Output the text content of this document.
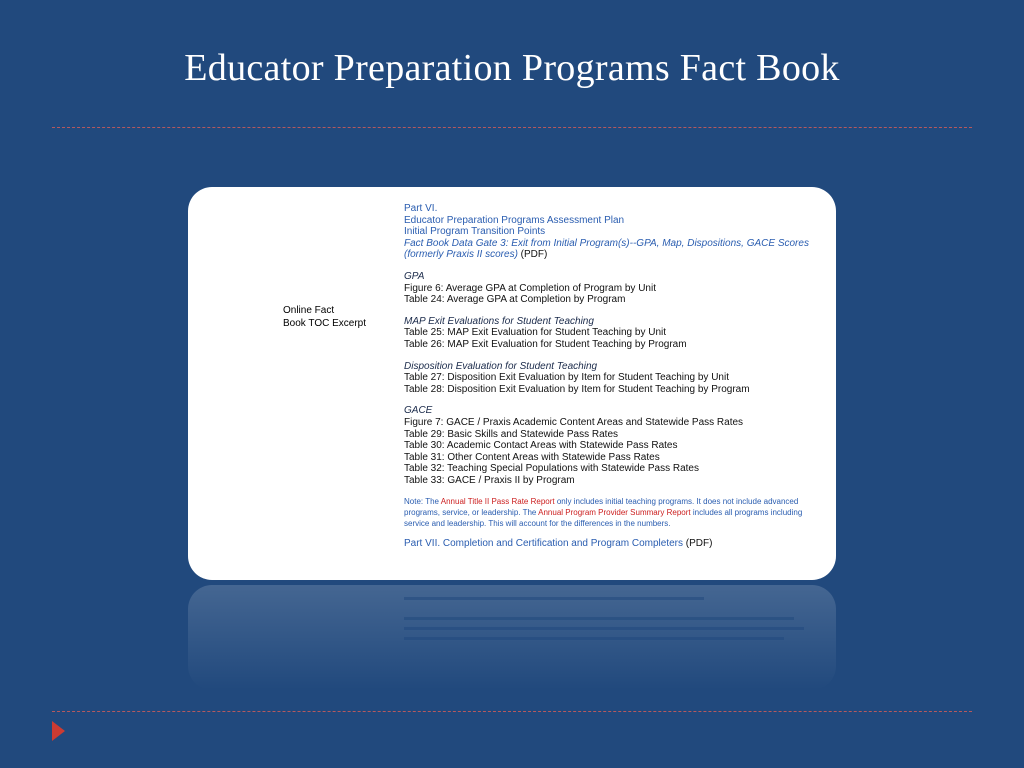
Educator Preparation Programs Fact Book
Online Fact
Book TOC Excerpt
Part VI.
Educator Preparation Programs Assessment Plan
Initial Program Transition Points
Fact Book Data Gate 3: Exit from Initial Program(s)--GPA, Map, Dispositions, GACE Scores
(formerly Praxis II scores) (PDF)
GPA
Figure 6: Average GPA at Completion of Program by Unit
Table 24: Average GPA at Completion by Program
MAP Exit Evaluations for Student Teaching
Table 25: MAP Exit Evaluation for Student Teaching by Unit
Table 26: MAP Exit Evaluation for Student Teaching by Program
Disposition Evaluation for Student Teaching
Table 27: Disposition Exit Evaluation by Item for Student Teaching by Unit
Table 28: Disposition Exit Evaluation by Item for Student Teaching by Program
GACE
Figure 7: GACE / Praxis Academic Content Areas and Statewide Pass Rates
Table 29: Basic Skills and Statewide Pass Rates
Table 30: Academic Contact Areas with Statewide Pass Rates
Table 31: Other Content Areas with Statewide Pass Rates
Table 32: Teaching Special Populations with Statewide Pass Rates
Table 33: GACE / Praxis II by Program
Note: The Annual Title II Pass Rate Report only includes initial teaching programs. It does not include advanced programs, service, or leadership. The Annual Program Provider Summary Report includes all programs including service and leadership. This will account for the differences in the numbers.
Part VII. Completion and Certification and Program Completers (PDF)
